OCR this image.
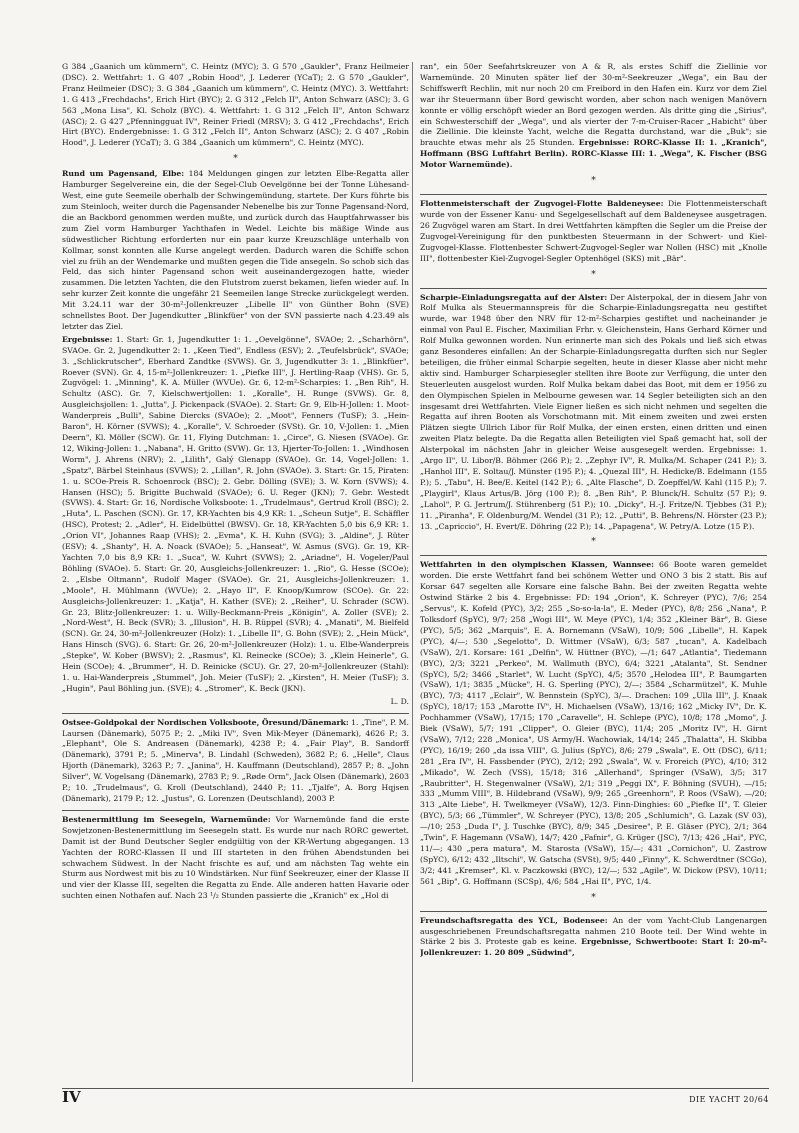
G 384 „Gaanich um kümmern", C. Heintz (MYC); 3. G 570 „Gaukler", Franz Heilmeier (DSC). 2. Wettfahrt: 1. G 407 „Robin Hood", J. Lederer (YCaT); 2. G 570 „Gaukler", Franz Heilmeier (DSC); 3. G 384 „Gaanich um kümmern", C. Heintz (MYC). 3. Wettfahrt: 1. G 413 „Frechdachs", Erich Hirt (BYC); 2. G 312 „Felch II", Anton Schwarz (ASC); 3. G 563 „Mona Lisa", Kl. Scholz (BYC). 4. Wettfahrt: 1. G 312 „Felch II", Anton Schwarz (ASC); 2. G 427 „Pfenningguat IV", Reiner Friedl (MRSV); 3. G 412 „Frechdachs", Erich Hirt (BYC). Endergebnisse: 1. G 312 „Felch II", Anton Schwarz (ASC); 2. G 407 „Robin Hood", J. Lederer (YCaT); 3. G 384 „Gaanich um kümmern", C. Heintz (MYC).

*

Rund um Pagensand, Elbe: 184 Meldungen gingen zur letzten Elbe-Regatta aller Hamburger Segelvereine ein, die der Segel-Club Oevelgönne bei der Tonne Lühesand-West, eine gute Seemeile oberhalb der Schwingemündung, startete. Der Kurs führte bis zum Steinloch, weiter durch die Pagensander Nebenelbe bis zur Tonne Pagensand-Nord, die an Backbord genommen werden mußte, und zurück durch das Hauptfahrwasser bis zum Ziel vorm Hamburger Yachthafen in Wedel. Leichte bis mäßige Winde aus südwestlicher Richtung erforderten nur ein paar kurze Kreuzschläge unterhalb von Kollmar, sonst konnten alle Kurse angelegt werden. Dadurch waren die Schiffe schon viel zu früh an der Wendemarke und mußten gegen die Tide ansegeln. So schob sich das Feld, das sich hinter Pagensand schon weit auseinandergezogen hatte, wieder zusammen. Die letzten Yachten, die den Flutstrom zuerst bekamen, liefen wieder auf. In sehr kurzer Zeit konnte die ungefähr 21 Seemeilen lange Strecke zurückgelegt werden. Mit 3.24.11 war der 30-m²-Jollenkreuzer „Libelle II" von Günther Bohn (SVE) schnellstes Boot. Der Jugendkutter „Blinkfüer" von der SVN passierte nach 4.23.49 als letzter das Ziel.

Ergebnisse: 1. Start: Gr. 1, Jugendkutter 1: 1. „Oevelgönne", SVAOe; 2. „Scharhörn", SVAOe. Gr. 2, Jugendkutter 2: 1. „Keen Tied", Endless (ESV); 2. „Teufelsbrück", SVAOe; 3. „Schlickrutscher", Eberhard Zandtke (SVWS). Gr. 3, Jugendkutter 3: 1. „Blinkfüer", Roever (SVN). Gr. 4, 15-m²-Jollenkreuzer: 1. „Piefke III", J. Hertling-Raap (VHS). Gr. 5, Zugvögel: 1. „Minning", K. A. Müller (WVUe). Gr. 6, 12-m²-Scharpies: 1. „Ben Rih", H. Schultz (ASC). Gr. 7, Kielschwertjollen: 1. „Koralle", H. Runge (SVWS). Gr. 8, Ausgleichsjollen: 1. „Jutta", J. Pickenpack (SVAOe). 2. Start: Gr. 9, Elb-H-Jollen: 1. Moot-Wanderpreis „Bulli", Sabine Diercks (SVAOe); 2. „Moot", Fenners (TuSF); 3. „Hein-Baron", H. Körner (SVWS); 4. „Koralle", V. Schroeder (SVSt). Gr. 10, V-Jollen: 1. „Mien Deern", Kl. Möller (SCW). Gr. 11, Flying Dutchman: 1. „Circe", G. Niesen (SVAOe). Gr. 12, Wiking-Jollen: 1. „Nabana", H. Gritto (SVW). Gr. 13, Hjerter-To-Jollen: 1. „Windhosen Worm", J. Ahrens (NRV); 2. „Lilith", Galý Glenapp (SVAOe). Gr. 14, Vogel-Jollen: 1. „Spatz", Bärbel Steinhaus (SVWS); 2. „Lillan", R. John (SVAOe). 3. Start: Gr. 15, Piraten: 1. u. SCOe-Preis R. Schoenrock (BSC); 2. Gebr. Dölling (SVE); 3. W. Korn (SVWS); 4. Hansen (HSC); 5. Brigitte Buchwald (SVAOe); 6. U. Reger (JKN); 7. Gebr. Westedt (SVWS). 4. Start: Gr. 16, Nordische Volksboote: 1. „Trudelmaus", Gertrud Kroll (BSC); 2. „Huta", L. Paschen (SCN). Gr. 17, KR-Yachten bis 4,9 KR: 1. „Scheun Sutje", E. Schäffler (HSC), Protest; 2. „Adler", H. Eidelbüttel (BWSV). Gr. 18, KR-Yachten 5,0 bis 6,9 KR: 1. „Orion VI", Johannes Raap (VHS); 2. „Evma", K. H. Kuhn (SVG); 3. „Aldine", J. Rüter (ESV); 4. „Shanty", H. A. Noack (SVAOe); 5. „Hanseat", W. Asmus (SVG). Gr. 19, KR-Yachten 7,0 bis 8,9 KR: 1. „Suca", W. Kuhrt (SVWS); 2. „Ariadne", H. Vogeler/Paul Böhling (SVAOe). 5. Start: Gr. 20, Ausgleichs-Jollenkreuzer: 1. „Rio", G. Hesse (SCOe); 2. „Elsbe Oltmann", Rudolf Mager (SVAOe). Gr. 21, Ausgleichs-Jollenkreuzer: 1. „Moole", H. Mühlmann (WVUe); 2. „Hayo II", F. Knoop/Kumrow (SCOe). Gr. 22: Ausgleichs-Jollenkreuzer: 1. „Katja", H. Kather (SVE); 2. „Reiher", U. Schrader (SCW). Gr. 23, Blitz-Jollenkreuzer: 1. u. Willy-Beckmann-Preis „Königin", A. Zoller (SVE); 2. „Nord-West", H. Beck (SVR); 3. „Illusion", H. B. Rüppel (SVR); 4. „Manati", M. Bielfeld (SCN). Gr. 24, 30-m²-Jollenkreuzer (Holz): 1. „Libelle II", G. Bohn (SVE); 2. „Hein Mück", Hans Hinsch (SVG). 6. Start: Gr. 26, 20-m²-Jollenkreuzer (Holz): 1. u. Elbe-Wanderpreis „Stepke", W. Kober (BWSV); 2. „Rasmus", Kl. Reinecke (SCOe); 3. „Klein Heinerle", G. Hein (SCOe); 4. „Brummer", H. D. Reinicke (SCU). Gr. 27, 20-m²-Jollenkreuzer (Stahl): 1. u. Hai-Wanderpreis „Stummel", Joh. Meier (TuSF); 2. „Kirsten", H. Meier (TuSF); 3. „Hugin", Paul Böhling jun. (SVE); 4. „Stromer", K. Beck (JKN).

L. D.

Ostsee-Goldpokal der Nordischen Volksboote, Öresund/Dänemark: 1. „Tine", P. M. Laursen (Dänemark), 5075 P.; 2. „Miki IV", Sven Mik-Meyer (Dänemark), 4626 P.; 3. „Elephant", Ole S. Andreasen (Dänemark), 4238 P.; 4. „Fair Play", B. Sandorff (Dänemark), 3791 P.; 5. „Minerva", B. Lindahl (Schweden), 3682 P.; 6. „Helle", Claus Hjorth (Dänemark), 3263 P.; 7. „Janina", H. Kauffmann (Deutschland), 2857 P.; 8. „John Silver", W. Vogelsang (Dänemark), 2783 P.; 9. „Røde Orm", Jack Olsen (Dänemark), 2603 P.; 10. „Trudelmaus", G. Kroll (Deutschland), 2440 P.; 11. „Tjalfe", A. Borg Hqjsen (Dänemark), 2179 P.; 12. „Justus", G. Lorenzen (Deutschland), 2003 P.

Bestenermittlung im Seesegeln, Warnemünde: Vor Warnemünde fand die erste Sowjetzonen-Bestenermittlung im Seesegeln statt. Es wurde nur nach RORC gewertet. Damit ist der Bund Deutscher Segler endgültig von der KR-Wertung abgegangen. 13 Yachten der RORC-Klassen II und III starteten in den frühen Abendstunden bei schwachem Südwest. In der Nacht frischte es auf, und am nächsten Tag wehte ein Sturm aus Nordwest mit bis zu 10 Windstärken. Nur fünf Seekreuzer, einer der Klasse II und vier der Klasse III, segelten die Regatta zu Ende. Alle anderen hatten Havarie oder suchten einen Nothafen auf. Nach 23 ¹/₂ Stunden passierte die „Kranich" ex „Hol di

ran", ein 50er Seefahrtskreuzer von A & R, als erstes Schiff die Ziellinie vor Warnemünde. 20 Minuten später lief der 30-m²-Seekreuzer „Wega", ein Bau der Schiffswerft Rechlin, mit nur noch 20 cm Freibord in den Hafen ein. Kurz vor dem Ziel war ihr Steuermann über Bord gewischt worden, aber schon nach wenigen Manövern konnte er völlig erschöpft wieder an Bord gezogen werden. Als dritte ging die „Sirius", ein Schwesterschiff der „Wega", und als vierter der 7-m-Cruiser-Racer „Habicht" über die Ziellinie. Die kleinste Yacht, welche die Regatta durchstand, war die „Buk"; sie brauchte etwas mehr als 25 Stunden. Ergebnisse: RORC-Klasse II: 1. „Kranich", Hoffmann (BSG Luftfahrt Berlin). RORC-Klasse III: 1. „Wega", K. Fischer (BSG Motor Warnemünde).

*

Flottenmeisterschaft der Zugvogel-Flotte Baldeneysee: Die Flottenmeisterschaft wurde von der Essener Kanu- und Segelgesellschaft auf dem Baldeneysee ausgetragen. 26 Zugvögel waren am Start. In drei Wettfahrten kämpften die Segler um die Preise der Zugvogel-Vereinigung für den punktbesten Steuermann in der Schwert- und Kiel-Zugvogel-Klasse. Flottenbester Schwert-Zugvogel-Segler war Nollen (HSC) mit „Knolle III", flottenbester Kiel-Zugvogel-Segler Optenhögel (SKS) mit „Bär".

*

Scharpie-Einladungsregatta auf der Alster: Der Alsterpokal, der in diesem Jahr von Rolf Mulka als Steuermannspreis für die Scharpie-Einladungsregatta neu gestiftet wurde, war 1948 über den NRV für 12-m²-Scharpies gestiftet und nacheinander je einmal von Paul E. Fischer, Maximilian Frhr. v. Gleichenstein, Hans Gerhard Körner und Rolf Mulka gewonnen worden. Nun erinnerte man sich des Pokals und ließ sich etwas ganz Besonderes einfallen: An der Scharpie-Einladungsregatta durften sich nur Segler beteiligen, die früher einmal Scharpie segelten, heute in dieser Klasse aber nicht mehr aktiv sind. Hamburger Scharpiesegler stellten ihre Boote zur Verfügung, die unter den Steuerleuten ausgelost wurden. Rolf Mulka bekam dabei das Boot, mit dem er 1956 zu den Olympischen Spielen in Melbourne gewesen war. 14 Segler beteiligten sich an den insgesamt drei Wettfahrten. Viele Eigner ließen es sich nicht nehmen und segelten die Regatta auf ihren Booten als Vorschotmann mit. Mit einem zweiten und zwei ersten Plätzen siegte Ullrich Libor für Rolf Mulka, der einen ersten, einen dritten und einen zweiten Platz belegte. Da die Regatta allen Beteiligten viel Spaß gemacht hat, soll der Alsterpokal im nächsten Jahr in gleicher Weise ausgesegelt werden. Ergebnisse: 1. „Argo II", U. Libor/B. Böhmer (266 P.); 2. „Zephyr IV", R. Mulka/M. Schaper (241 P.); 3. „Hanhol III", E. Soltau/J. Münster (195 P.); 4. „Quezal III", H. Hedicke/B. Edelmann (155 P.); 5. „Tabu", H. Bee/E. Keitel (142 P.); 6. „Alte Flasche", D. Zoepffel/W. Kahl (115 P.); 7. „Playgirl", Klaus Artus/B. Jörg (100 P.); 8. „Ben Rih", P. Blunck/H. Schultz (57 P.); 9. „Lahol", P. G. Jertrum/J. Stührenberg (51 P.); 10. „Dicky", H.-J. Fritze/N. Tjebbes (31 P.); 11. „Piranha", F. Oldenburg/M. Wendel (31 P.); 12. „Putti", B. Behrens/N. Hörster (23 P.); 13. „Capriccio", H. Evert/E. Döhring (22 P.); 14. „Papagena", W. Petry/A. Lotze (15 P.).

*

Wettfahrten in den olympischen Klassen, Wannsee: 66 Boote waren gemeldet worden. Die erste Wettfahrt fand bei schönem Wetter und ONO 3 bis 2 statt. Bis auf Korsar 647 segelten alle Korsare eine falsche Bahn. Bei der zweiten Regatta wehte Ostwind Stärke 2 bis 4. Ergebnisse: FD: 194 „Orion", K. Schreyer (PYC), 7/6; 254 „Servus", K. Kofeld (PYC), 3/2; 255 „So-so-la-la", E. Meder (PYC), 8/8; 256 „Nana", P. Tolksdorf (SpYC), 9/7; 258 „Wogi III", W. Meye (PYC), 1/4; 352 „Kleiner Bär", B. Giese (PYC), 5/5; 362 „Marquis", E. A. Bornemann (VSaW), 10/9; 506 „Libelle", H. Kapek (PYC), 4/—; 530 „Segelotto", D. Wittmer (VSaW), 6/3; 587 „tucan", A. Kadelbach (VSaW), 2/1. Korsare: 161 „Delfin", W. Hüttner (BYC), —/1; 647 „Atlantia", Tiedemann (BYC), 2/3; 3221 „Perkeo", M. Wallmuth (BYC), 6/4; 3221 „Atalanta", St. Sendner (SpYC), 5/2; 3466 „Starlet", W. Lucht (SpYC), 4/5; 3570 „Helodea III", P. Baumgarten (VSaW), 1/1; 3835 „Mücke", H. G. Sperling (PYC), 2/—; 3584 „Scharmützel", K. Muhle (BYC), 7/3; 4117 „Eclair", W. Bennstein (SpYC), 3/—. Drachen: 109 „Ulla III", J. Knaak (SpYC), 18/17; 153 „Marotte IV", H. Michaelsen (VSaW), 13/16; 162 „Micky IV", Dr. K. Pochhammer (VSaW), 17/15; 170 „Caravelle", H. Schlepe (PYC), 10/8; 178 „Momo", J. Biek (VSaW), 5/7; 191 „Clipper", O. Gleier (BYC), 11/4; 205 „Moritz IV", H. Girnt (VSaW), 7/12; 228 „Monica", US Army/H. Wachowiak, 14/14; 245 „Thalatta", H. Skibba (PYC), 16/19; 260 „da issa VIII", G. Julius (SpYC), 8/6; 279 „Swala", E. Ott (DSC), 6/11; 281 „Era IV", H. Fassbender (PYC), 2/12; 292 „Swala", W. v. Froreich (PYC), 4/10; 312 „Mikado", W. Zech (VSS), 15/18; 316 „Allerhand", Springer (VSaW), 3/5; 317 „Raubritter", H. Stegenwalner (VSaW), 2/1; 319 „Peggi IX", F. Böhning (SVUH), —/15; 333 „Mumm VIII", B. Hildebrand (VSaW), 9/9; 265 „Greenhorn", P. Roos (VSaW), —/20; 313 „Alte Liebe", H. Twelkmeyer (VSaW), 12/3. Finn-Dinghies: 60 „Piefke II", T. Gleier (BYC), 5/3; 66 „Tümmler", W. Schreyer (PYC), 13/8; 205 „Schlumich", G. Lazak (SV 03), —/10; 253 „Duda I", J. Tuschke (BYC), 8/9; 345 „Desiree", P. E. Gläser (PYC), 2/1; 364 „Twin", F. Hagemann (VSaW), 14/7; 420 „Fafnir", G. Krüger (JSC), 7/13; 426 „Hai", PYC, 11/—; 430 „pera matura", M. Starosta (VSaW), 15/—; 431 „Cornichon", U. Zastrow (SpYC), 6/12; 432 „Iltschi", W. Gatscha (SVSt), 9/5; 440 „Finny", K. Schwerdtner (SCGo), 3/2; 441 „Kremser", Kl. v. Paczkowski (BYC), 12/—; 532 „Agile", W. Dickow (PSV), 10/11; 561 „Bip", G. Hoffmann (SCSp), 4/6; 584 „Hai II", PYC, 1/4.

*

Freundschaftsregatta des YCL, Bodensee: An der vom Yacht-Club Langenargen ausgeschriebenen Freundschaftsregatta nahmen 210 Boote teil. Der Wind wehte in Stärke 2 bis 3. Proteste gab es keine. Ergebnisse, Schwertboote: Start I: 20-m²-Jollenkreuzer: 1. 20 809 „Südwind",

IV	DIE YACHT 20/64
